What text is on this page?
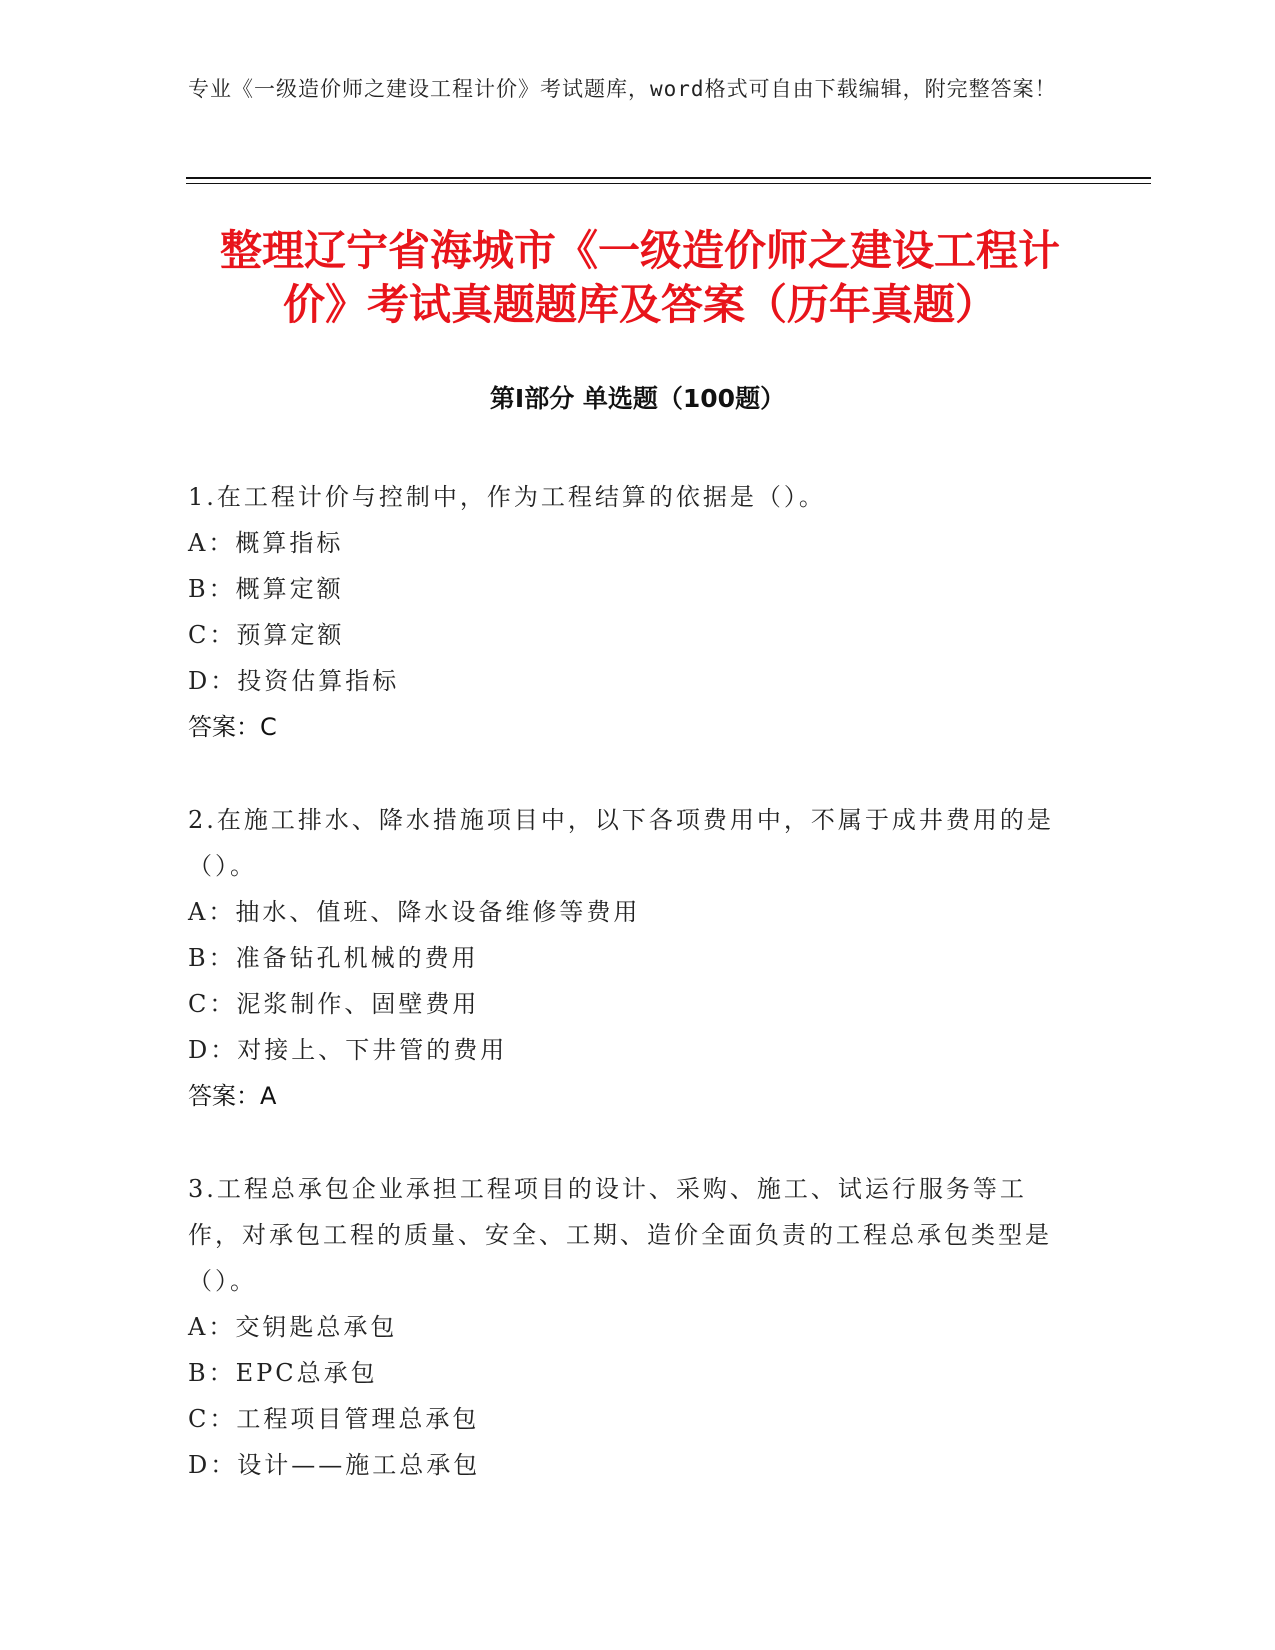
专业《一级造价师之建设工程计价》考试题库，word格式可自由下载编辑，附完整答案！
整理辽宁省海城市《一级造价师之建设工程计价》考试真题题库及答案（历年真题）
第Ⅰ部分 单选题（100题）
1.在工程计价与控制中，作为工程结算的依据是（）。
A：概算指标
B：概算定额
C：预算定额
D：投资估算指标
答案：C
2.在施工排水、降水措施项目中，以下各项费用中，不属于成井费用的是（）。
A：抽水、值班、降水设备维修等费用
B：准备钻孔机械的费用
C：泥浆制作、固壁费用
D：对接上、下井管的费用
答案：A
3.工程总承包企业承担工程项目的设计、采购、施工、试运行服务等工作，对承包工程的质量、安全、工期、造价全面负责的工程总承包类型是（）。
A：交钥匙总承包
B：EPC总承包
C：工程项目管理总承包
D：设计——施工总承包
